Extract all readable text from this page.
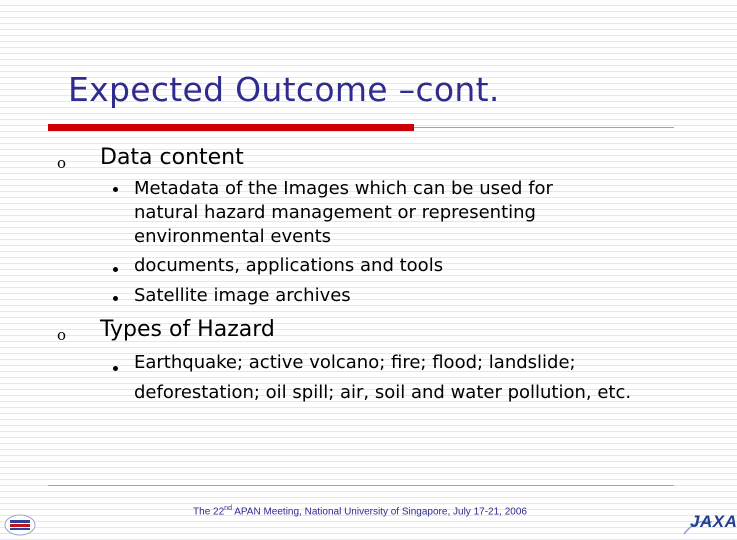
Expected Outcome –cont.
o Data content
Metadata of the Images which can be used for natural hazard management or representing environmental events
documents, applications and tools
Satellite image archives
o Types of Hazard
Earthquake; active volcano; fire; flood; landslide; deforestation; oil spill; air, soil and water pollution, etc.
The 22nd APAN Meeting, National University of Singapore, July 17-21, 2006
JAXA
